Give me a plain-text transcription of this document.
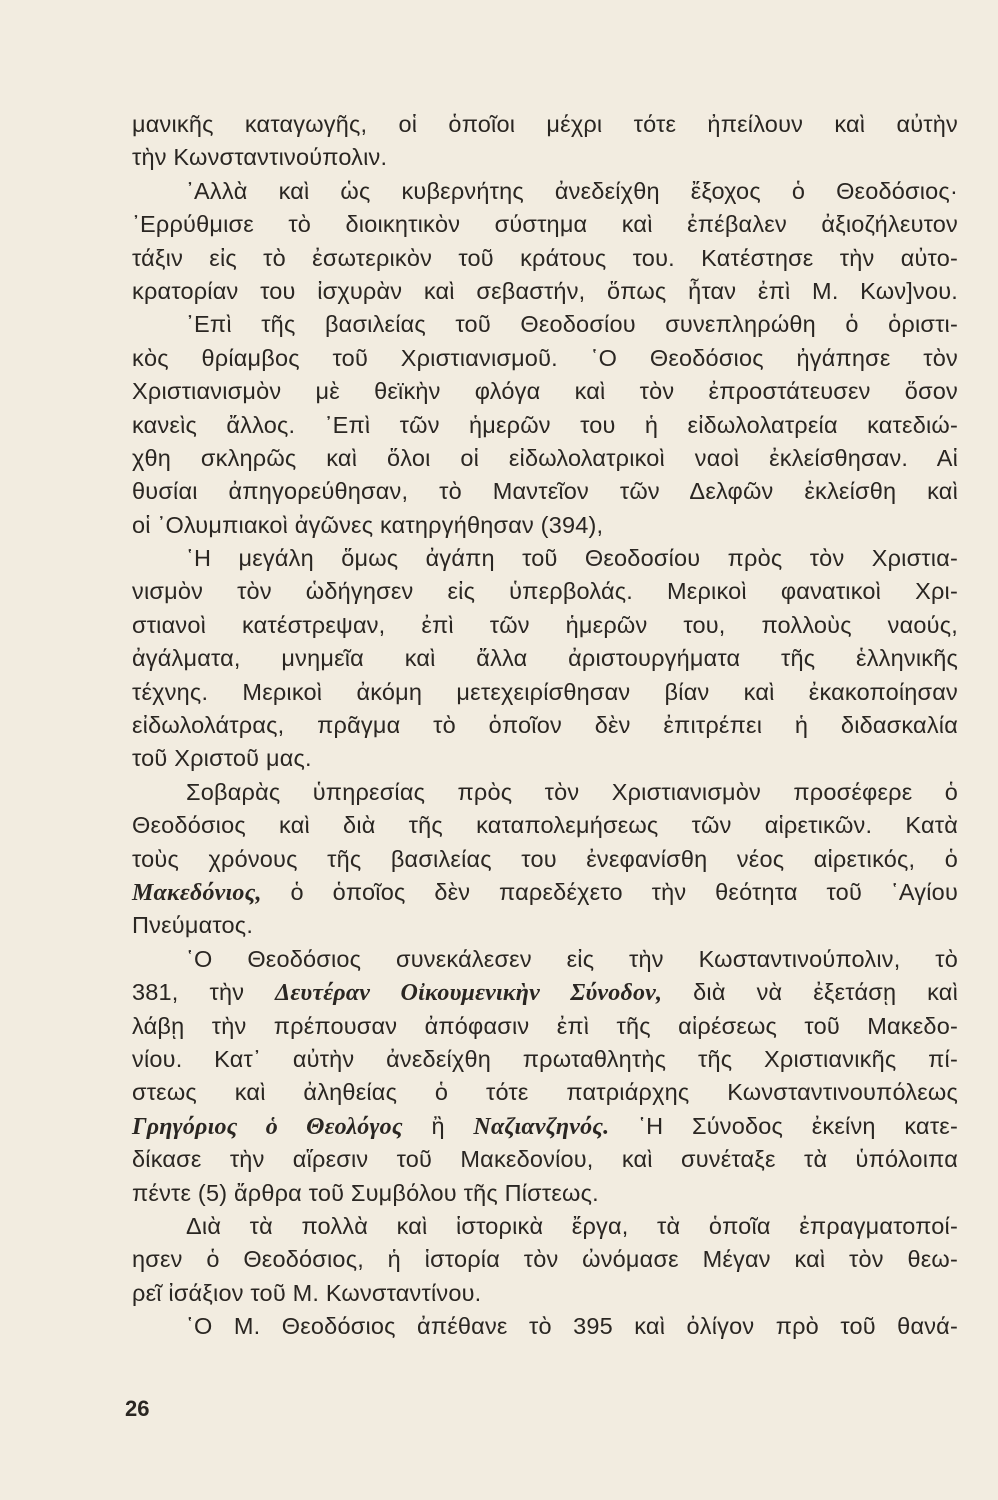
μανικῆς καταγωγῆς, οἱ ὁποῖοι μέχρι τότε ἠπείλουν καὶ αὐτὴν
τὴν Κωνσταντινούπολιν.
᾿Αλλὰ καὶ ὡς κυβερνήτης ἀνεδείχθη ἔξοχος ὁ Θεοδόσιος·
᾿Ερρύθμισε τὸ διοικητικὸν σύστημα καὶ ἐπέβαλεν ἀξιοζήλευτον
τάξιν εἰς τὸ ἐσωτερικὸν τοῦ κράτους του. Κατέστησε τὴν αὐτο-
κρατορίαν του ἰσχυρὰν καὶ σεβαστήν, ὅπως ἦταν ἐπὶ Μ. Κων]νου.
᾿Επὶ τῆς βασιλείας τοῦ Θεοδοσίου συνεπληρώθη ὁ ὁριστι-
κὸς θρίαμβος τοῦ Χριστιανισμοῦ. ῾Ο Θεοδόσιος ἠγάπησε τὸν
Χριστιανισμὸν μὲ θεϊκὴν φλόγα καὶ τὸν ἐπροστάτευσεν ὅσον
κανεὶς ἄλλος. ᾿Επὶ τῶν ἡμερῶν του ἡ εἰδωλολατρεία κατεδιώ-
χθη σκληρῶς καὶ ὅλοι οἱ εἰδωλολατρικοὶ ναοὶ ἐκλείσθησαν. Αἱ
θυσίαι ἀπηγορεύθησαν, τὸ Μαντεῖον τῶν Δελφῶν ἐκλείσθη καὶ
οἱ ᾿Ολυμπιακοὶ ἀγῶνες κατηργήθησαν (394),
῾Η μεγάλη ὅμως ἀγάπη τοῦ Θεοδοσίου πρὸς τὸν Χριστια-
νισμὸν τὸν ὡδήγησεν εἰς ὑπερβολάς. Μερικοὶ φανατικοὶ Χρι-
στιανοὶ κατέστρεψαν, ἐπὶ τῶν ἡμερῶν του, πολλοὺς ναούς,
ἀγάλματα, μνημεῖα καὶ ἄλλα ἀριστουργήματα τῆς ἑλληνικῆς
τέχνης. Μερικοὶ ἀκόμη μετεχειρίσθησαν βίαν καὶ ἐκακοποίησαν
εἰδωλολάτρας, πρᾶγμα τὸ ὁποῖον δὲν ἐπιτρέπει ἡ διδασκαλία
τοῦ Χριστοῦ μας.
Σοβαρὰς ὑπηρεσίας πρὸς τὸν Χριστιανισμὸν προσέφερε ὁ
Θεοδόσιος καὶ διὰ τῆς καταπολεμήσεως τῶν αἱρετικῶν. Κατὰ
τοὺς χρόνους τῆς βασιλείας του ἐνεφανίσθη νέος αἱρετικός, ὁ
Μακεδόνιος, ὁ ὁποῖος δὲν παρεδέχετο τὴν θεότητα τοῦ ῾Αγίου
Πνεύματος.
῾Ο Θεοδόσιος συνεκάλεσεν εἰς τὴν Κωσταντινούπολιν, τὸ
381, τὴν Δευτέραν Οἰκουμενικὴν Σύνοδον, διὰ νὰ ἐξετάσῃ καὶ
λάβῃ τὴν πρέπουσαν ἀπόφασιν ἐπὶ τῆς αἱρέσεως τοῦ Μακεδο-
νίου. Κατ᾿ αὐτὴν ἀνεδείχθη πρωταθλητὴς τῆς Χριστιανικῆς πί-
στεως καὶ ἀληθείας ὁ τότε πατριάρχης Κωνσταντινουπόλεως
Γρηγόριος ὁ Θεολόγος ἢ Ναζιανζηνός. ῾Η Σύνοδος ἐκείνη κατε-
δίκασε τὴν αἵρεσιν τοῦ Μακεδονίου, καὶ συνέταξε τὰ ὑπόλοιπα
πέντε (5) ἄρθρα τοῦ Συμβόλου τῆς Πίστεως.
Διὰ τὰ πολλὰ καὶ ἱστορικὰ ἔργα, τὰ ὁποῖα ἐπραγματοποί-
ησεν ὁ Θεοδόσιος, ἡ ἱστορία τὸν ὠνόμασε Μέγαν καὶ τὸν θεω-
ρεῖ ἰσάξιον τοῦ Μ. Κωνσταντίνου.
῾Ο Μ. Θεοδόσιος ἀπέθανε τὸ 395 καὶ ὀλίγον πρὸ τοῦ θανά-
26
